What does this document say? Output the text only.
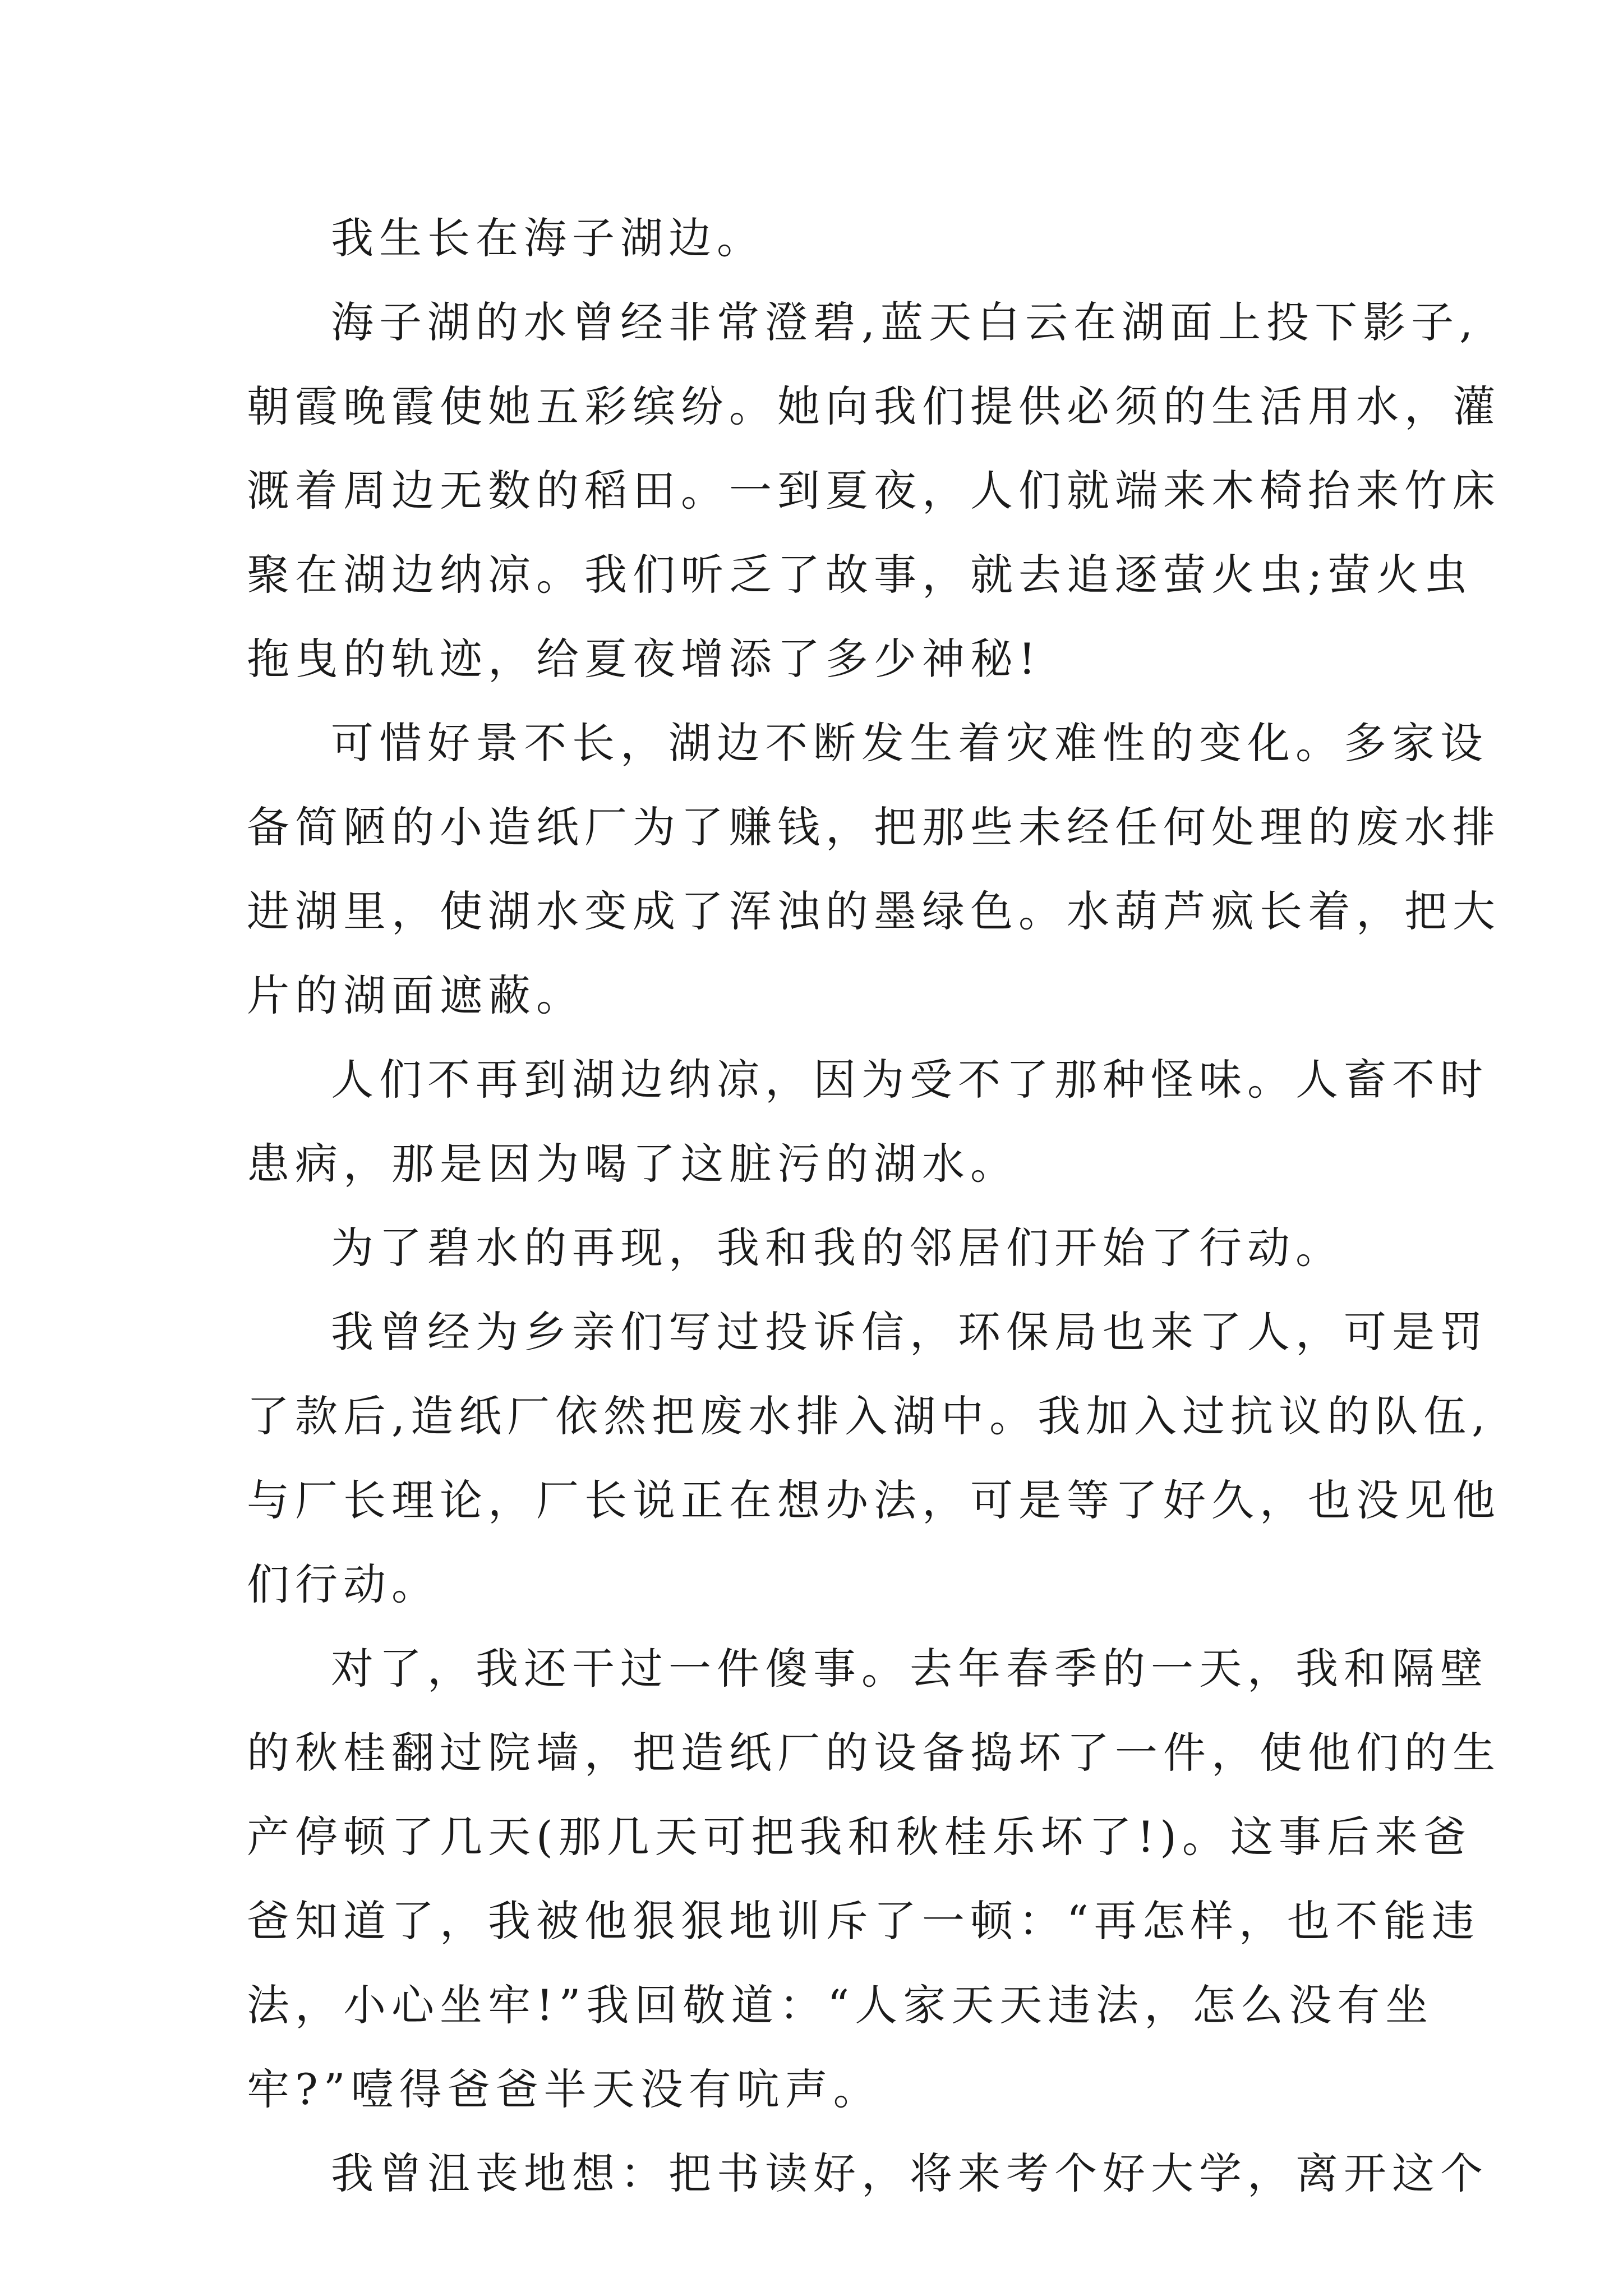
我生长在海子湖边。
海子湖的水曾经非常澄碧,蓝天白云在湖面上投下影子,
朝霞晚霞使她五彩缤纷。她向我们提供必须的生活用水，灌
溉着周边无数的稻田。一到夏夜，人们就端来木椅抬来竹床
聚在湖边纳凉。我们听乏了故事，就去追逐萤火虫;萤火虫
拖曳的轨迹，给夏夜增添了多少神秘!
可惜好景不长，湖边不断发生着灾难性的变化。多家设
备简陋的小造纸厂为了赚钱，把那些未经任何处理的废水排
进湖里，使湖水变成了浑浊的墨绿色。水葫芦疯长着，把大
片的湖面遮蔽。
人们不再到湖边纳凉，因为受不了那种怪味。人畜不时
患病，那是因为喝了这脏污的湖水。
为了碧水的再现，我和我的邻居们开始了行动。
我曾经为乡亲们写过投诉信，环保局也来了人，可是罚
了款后,造纸厂依然把废水排入湖中。我加入过抗议的队伍,
与厂长理论，厂长说正在想办法，可是等了好久，也没见他
们行动。
对了，我还干过一件傻事。去年春季的一天，我和隔壁
的秋桂翻过院墙，把造纸厂的设备捣坏了一件，使他们的生
产停顿了几天(那几天可把我和秋桂乐坏了!)。这事后来爸
爸知道了，我被他狠狠地训斥了一顿：“再怎样，也不能违
法，小心坐牢!”我回敬道：“人家天天违法，怎么没有坐
牢?”噎得爸爸半天没有吭声。
我曾沮丧地想：把书读好，将来考个好大学，离开这个
